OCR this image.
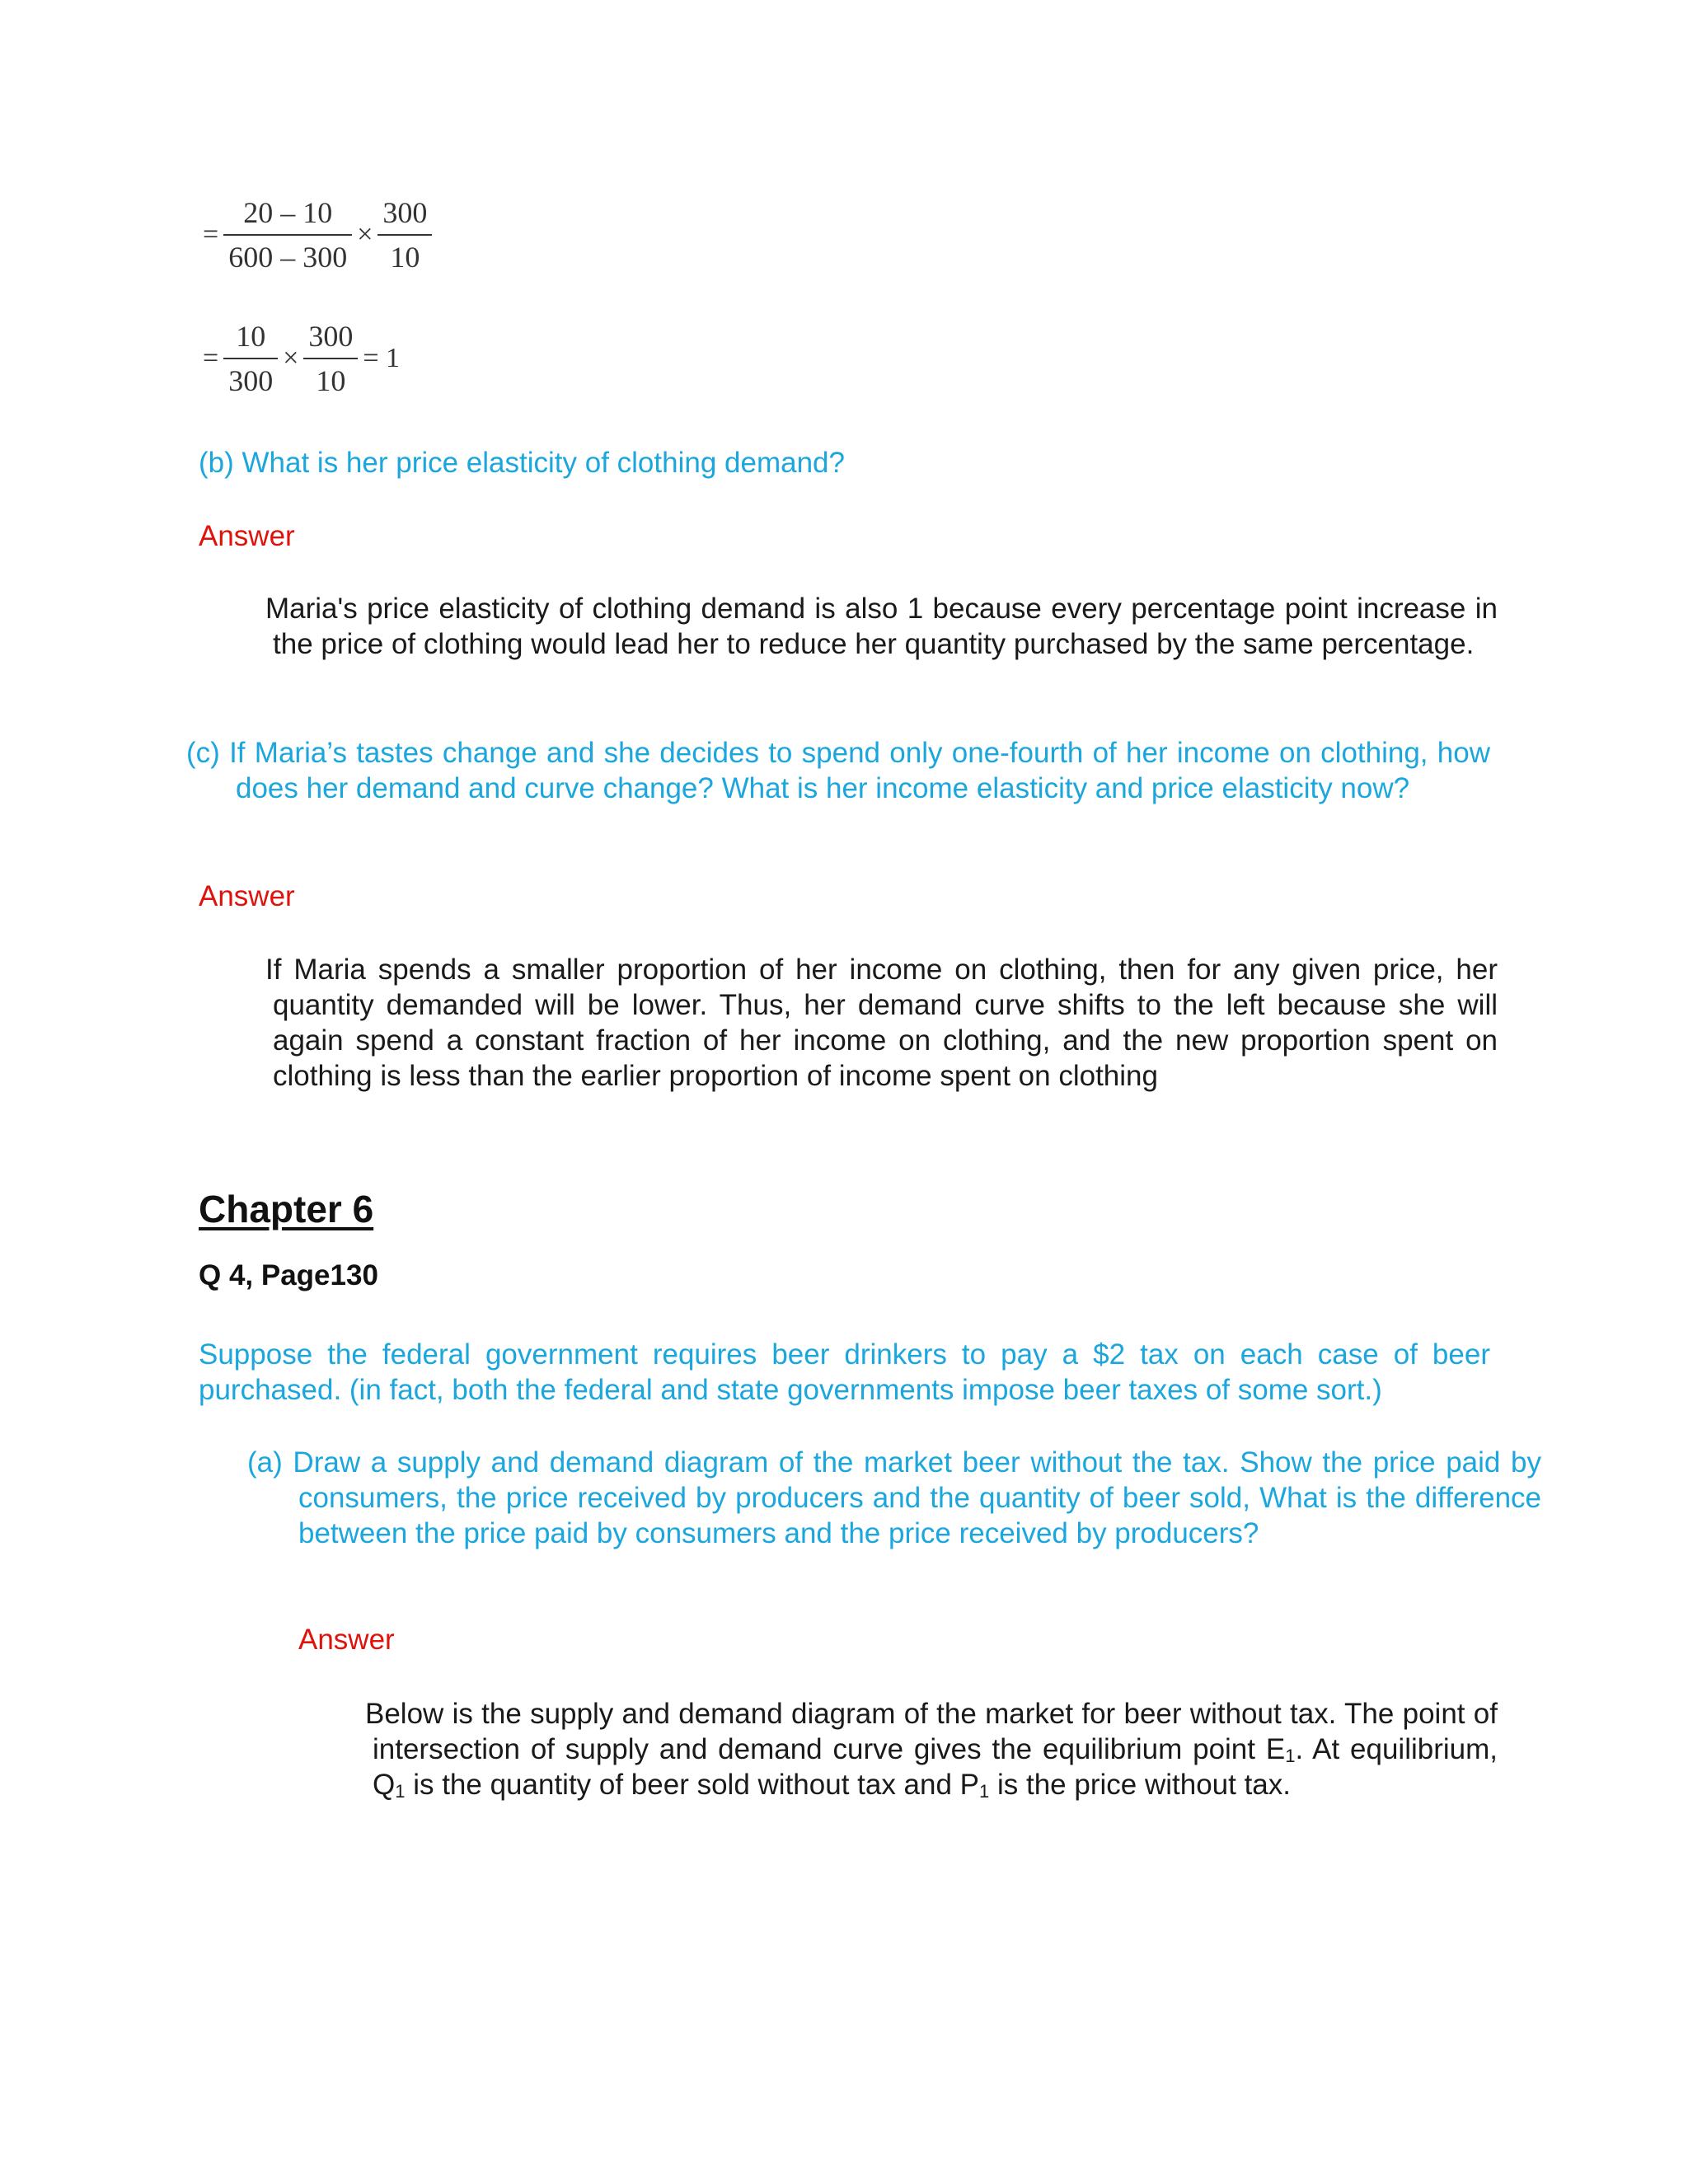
= $\frac{20 - 10}{600 - 300} \times \frac{300}{10}$
= $\frac{10}{300} \times \frac{300}{10} = 1$
(b) What is her price elasticity of clothing demand?
Answer
Maria's price elasticity of clothing demand is also 1 because every percentage point increase in the price of clothing would lead her to reduce her quantity purchased by the same percentage.
(c) If Maria’s tastes change and she decides to spend only one-fourth of her income on clothing, how does her demand and curve change? What is her income elasticity and price elasticity now?
Answer
If Maria spends a smaller proportion of her income on clothing, then for any given price, her quantity demanded will be lower. Thus, her demand curve shifts to the left because she will again spend a constant fraction of her income on clothing, and the new proportion spent on clothing is less than the earlier proportion of income spent on clothing
Chapter 6
Q 4, Page130
Suppose the federal government requires beer drinkers to pay a $2 tax on each case of beer purchased. (in fact, both the federal and state governments impose beer taxes of some sort.)
(a) Draw a supply and demand diagram of the market beer without the tax. Show the price paid by consumers, the price received by producers and the quantity of beer sold, What is the difference between the price paid by consumers and the price received by producers?
Answer
Below is the supply and demand diagram of the market for beer without tax. The point of intersection of supply and demand curve gives the equilibrium point $E_1$. At equilibrium, $Q_1$ is the quantity of beer sold without tax and $P_1$ is the price without tax.
